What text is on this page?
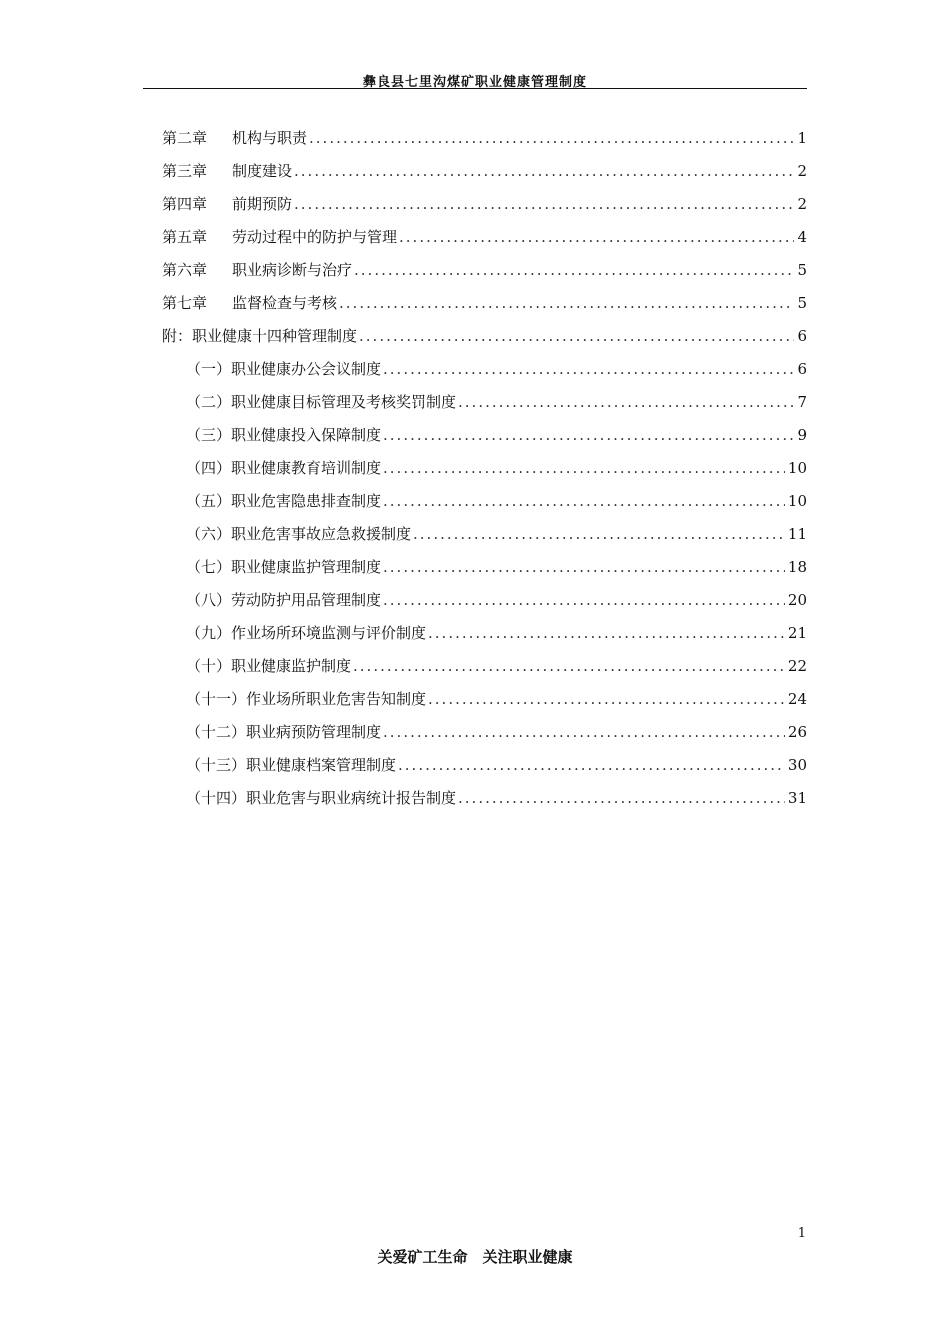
彝良县七里沟煤矿职业健康管理制度
第二章	机构与职责 .....	1
第三章	制度建设 .....	2
第四章	前期预防 .....	2
第五章	劳动过程中的防护与管理 .....	4
第六章	职业病诊断与治疗 .....	5
第七章	监督检查与考核 .....	5
附：职业健康十四种管理制度 .....	6
（一）职业健康办公会议制度 .....	6
（二）职业健康目标管理及考核奖罚制度 .....	7
（三）职业健康投入保障制度 .....	9
（四）职业健康教育培训制度 .....	10
（五）职业危害隐患排查制度 .....	10
（六）职业危害事故应急救援制度 .....	11
（七）职业健康监护管理制度 .....	18
（八）劳动防护用品管理制度 .....	20
（九）作业场所环境监测与评价制度 .....	21
（十）职业健康监护制度 .....	22
（十一）作业场所职业危害告知制度 .....	24
（十二）职业病预防管理制度 .....	26
（十三）职业健康档案管理制度 .....	30
（十四）职业危害与职业病统计报告制度 .....	31
1
关爱矿工生命　关注职业健康
